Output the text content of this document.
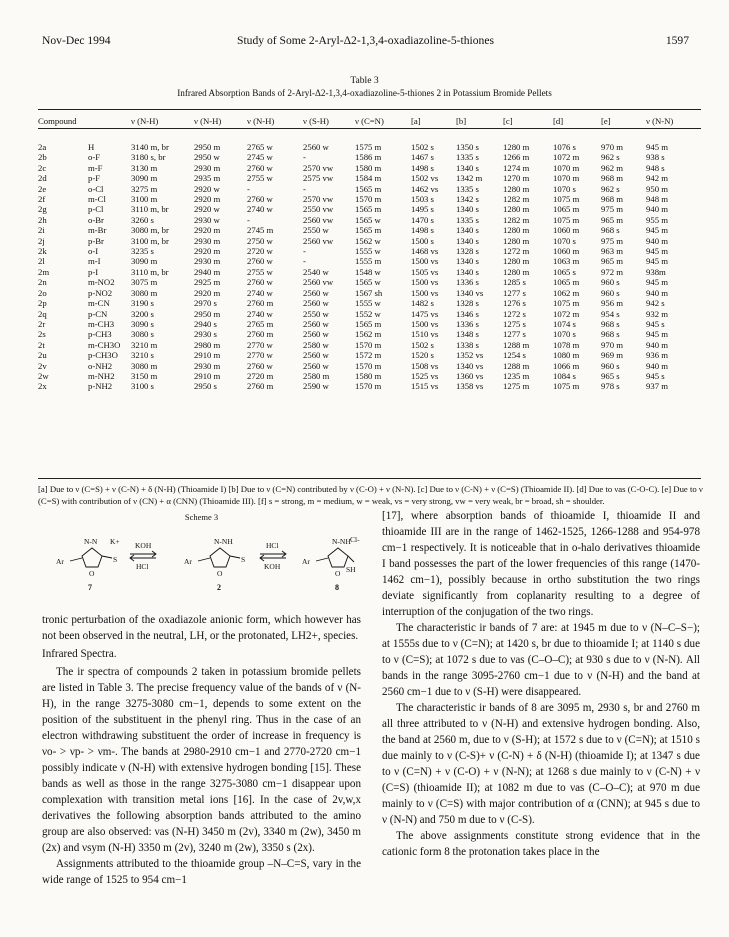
Nov-Dec 1994	Study of Some 2-Aryl-Δ2-1,3,4-oxadiazoline-5-thiones	1597
Table 3
Infrared Absorption Bands of 2-Aryl-Δ2-1,3,4-oxadiazoline-5-thiones 2 in Potassium Bromide Pellets
Compound		ν (N-H)	ν (N-H)	ν (N-H)	ν (S-H)	ν (C=N)	[a]	[b]	[c]	[d]	[e]	ν (N-N)
2a	H	3140 m, br	2950 m	2765 w	2560 w	1575 m	1502 s	1350 s	1280 m	1076 s	970 m	945 m
2b	o-F	3180 s, br	2950 w	2745 w	-	1586 m	1467 s	1335 s	1266 m	1072 m	962 s	938 s
2c	m-F	3130 m	2930 m	2760 w	2570 vw	1580 m	1498 s	1340 s	1274 m	1070 m	962 m	948 s
2d	p-F	3090 m	2935 m	2755 w	2575 vw	1584 m	1502 vs	1342 m	1270 m	1070 m	968 m	942 m
2e	o-Cl	3275 m	2920 w	-	-	1565 m	1462 vs	1335 s	1280 m	1070 s	962 s	950 m
2f	m-Cl	3100 m	2920 m	2760 w	2570 vw	1570 m	1503 s	1342 s	1282 m	1075 m	968 m	948 m
2g	p-Cl	3110 m, br	2920 w	2740 w	2550 vw	1565 m	1495 s	1340 s	1280 m	1065 m	975 m	940 m
2h	o-Br	3260 s	2930 w	-	2560 vw	1565 w	1470 s	1335 s	1282 m	1075 m	965 m	955 m
2i	m-Br	3080 m, br	2920 m	2745 m	2550 w	1565 m	1498 s	1340 s	1280 m	1060 m	968 s	945 m
2j	p-Br	3100 m, br	2930 m	2750 w	2560 vw	1562 w	1500 s	1340 s	1280 m	1070 s	975 m	940 m
2k	o-I	3235 s	2920 m	2720 w	-	1555 w	1468 vs	1328 s	1272 m	1060 m	963 m	945 m
2l	m-I	3090 m	2930 m	2760 w	-	1555 m	1500 vs	1340 s	1280 m	1063 m	965 m	945 m
2m	p-I	3110 m, br	2940 m	2755 w	2540 w	1548 w	1505 vs	1340 s	1280 m	1065 s	972 m	938m
2n	m-NO2	3075 m	2925 m	2760 w	2560 vw	1565 w	1500 vs	1336 s	1285 s	1065 m	960 s	945 m
2o	p-NO2	3080 m	2920 m	2740 w	2560 w	1567 sh	1500 vs	1340 vs	1277 s	1062 m	960 s	940 m
2p	m-CN	3190 s	2970 s	2760 m	2560 w	1555 w	1482 s	1328 s	1276 s	1075 m	956 m	942 s
2q	p-CN	3200 s	2950 m	2740 w	2550 w	1552 w	1475 vs	1346 s	1272 s	1072 m	954 s	932 m
2r	m-CH3	3090 s	2940 s	2765 m	2560 w	1565 m	1500 vs	1336 s	1275 s	1074 s	968 s	945 s
2s	p-CH3	3080 s	2930 s	2760 m	2560 w	1562 m	1510 vs	1348 s	1277 s	1070 s	968 s	945 m
2t	m-CH3O	3210 m	2980 m	2770 w	2580 w	1570 m	1502 s	1338 s	1288 m	1078 m	970 m	940 m
2u	p-CH3O	3210 s	2910 m	2770 w	2560 w	1572 m	1520 s	1352 vs	1254 s	1080 m	969 m	936 m
2v	o-NH2	3080 m	2930 m	2760 w	2560 w	1570 m	1508 vs	1340 vs	1288 m	1066 m	960 s	940 m
2w	m-NH2	3150 m	2910 m	2720 m	2580 m	1580 m	1525 vs	1360 vs	1235 m	1084 s	965 s	945 s
2x	p-NH2	3100 s	2950 s	2760 m	2590 w	1570 m	1515 vs	1358 vs	1275 m	1075 m	978 s	937 m
[a] Due to ν (C=S) + ν (C-N) + δ (N-H) (Thioamide I) [b] Due to ν (C=N) contributed by ν (C-O) + ν (N-N). [c] Due to ν (C-N) + ν (C=S) (Thioamide II). [d] Due to νas (C-O-C). [e] Due to ν (C=S) with contribution of ν (CN) + α (CNN) (Thioamide III). [f] s = strong, m = medium, w = weak, vs = very strong, vw = very weak, br = broad, sh = shoulder.
Scheme 3
N-N	N-NH	N-NH
K+	Cl-
Ar	Ar	Ar
O	O	O
S	S
SH
KOH
HCl
HCl
KOH
7	2	8

tronic perturbation of the oxadiazole anionic form, which however has not been observed in the neutral, LH, or the protonated, LH2+, species.

Infrared Spectra.

The ir spectra of compounds 2 taken in potassium bromide pellets are listed in Table 3. The precise frequency value of the bands of ν (N-H), in the range 3275-3080 cm−1, depends to some extent on the position of the substituent in the phenyl ring. Thus in the case of an electron withdrawing substituent the order of increase in frequency is νo- > νp- > νm-. The bands at 2980-2910 cm−1 and 2770-2720 cm−1 possibly indicate ν (N-H) with extensive hydrogen bonding [15]. These bands as well as those in the range 3275-3080 cm−1 disappear upon complexation with transition metal ions [16]. In the case of 2v,w,x derivatives the following absorption bands attributed to the amino group are also observed: νas (N-H) 3450 m (2v), 3340 m (2w), 3450 m (2x) and νsym (N-H) 3350 m (2v), 3240 m (2w), 3350 s (2x).

Assignments attributed to the thioamide group –N–C=S, vary in the wide range of 1525 to 954 cm−1

[17], where absorption bands of thioamide I, thioamide II and thioamide III are in the range of 1462-1525, 1266-1288 and 954-978 cm−1 respectively. It is noticeable that in o-halo derivatives thioamide I band possesses the part of the lower frequencies of this range (1470-1462 cm−1), possibly because in ortho substitution the two rings deviate significantly from coplanarity resulting to a degree of interruption of the conjugation of the two rings.

The characteristic ir bands of 7 are: at 1945 m due to ν (N–C–S−); at 1555s due to ν (C=N); at 1420 s, br due to thioamide I; at 1140 s due to ν (C=S); at 1072 s due to νas (C–O–C); at 930 s due to ν (N-N). All bands in the range 3095-2760 cm−1 due to ν (N-H) and the band at 2560 cm−1 due to ν (S-H) were disappeared.

The characteristic ir bands of 8 are 3095 m, 2930 s, br and 2760 m all three attributed to ν (N-H) and extensive hydrogen bonding. Also, the band at 2560 m, due to ν (S-H); at 1572 s due to ν (C=N); at 1510 s due mainly to ν (C-S)+ ν (C-N) + δ (N-H) (thioamide I); at 1347 s due to ν (C=N) + ν (C-O) + ν (N-N); at 1268 s due mainly to ν (C-N) + ν (C=S) (thioamide II); at 1082 m due to νas (C–O–C); at 970 m due mainly to ν (C=S) with major contribution of α (CNN); at 945 s due to ν (N-N) and 750 m due to ν (C-S).

The above assignments constitute strong evidence that in the cationic form 8 the protonation takes place in the
